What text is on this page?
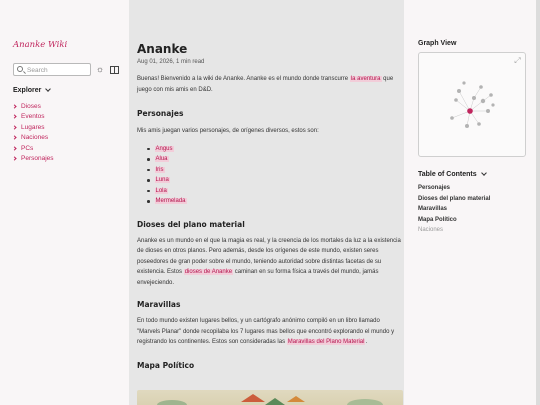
Ananke Wiki
Search
☼
Explorer
Dioses
Eventos
Lugares
Naciones
PCs
Personajes
Ananke
Aug 01, 2026, 1 min read

Buenas! Bienvenido a la wiki de Ananke. Ananke es el mundo donde transcurre la aventura que juego con mis amis en D&D.

Personajes

Mis amis juegan varios personajes, de orígenes diversos, estos son:

Angus
Alua
Iris
Luna
Lola
Mermelada
Dioses del plano material

Ananke es un mundo en el que la magia es real, y la creencia de los mortales da luz a la existencia de dioses en otros planos. Pero además, desde los orígenes de este mundo, existen seres poseedores de gran poder sobre el mundo, teniendo autoridad sobre distintas facetas de su existencia. Estos dioses de Ananke caminan en su forma física a través del mundo, jamás envejeciendo.

Maravillas

En todo mundo existen lugares bellos, y un cartógrafo anónimo compiló en un libro llamado "Marvels Planar" donde recopilaba los 7 lugares mas bellos que encontró explorando el mundo y registrando los continentes. Estos son consideradas las Maravillas del Plano Material.

Mapa Político
Graph View
⤢
Table of Contents
Personajes
Dioses del plano material
Maravillas
Mapa Político
Naciones
